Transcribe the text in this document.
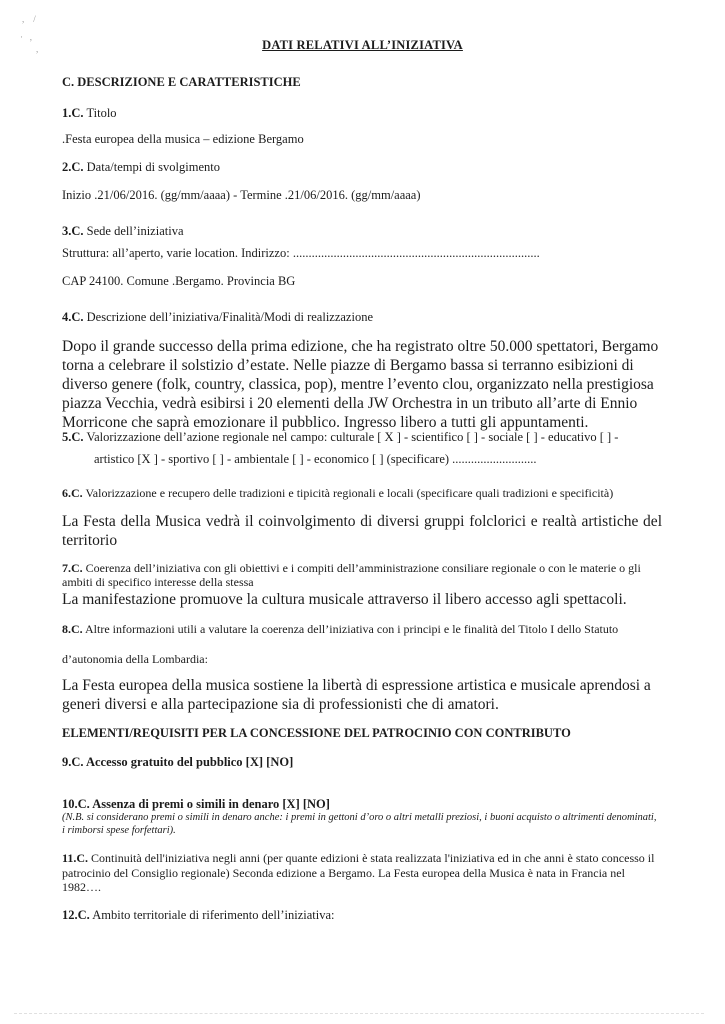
,    /
·   ,
,	DATI RELATIVI ALL’INIZIATIVA
C. DESCRIZIONE E CARATTERISTICHE
1.C. Titolo
.Festa europea della musica – edizione Bergamo
2.C. Data/tempi di svolgimento
Inizio .21/06/2016. (gg/mm/aaaa) - Termine .21/06/2016. (gg/mm/aaaa)
3.C. Sede dell’iniziativa
Struttura: all’aperto, varie location. Indirizzo: ...............................................................................
CAP 24100. Comune .Bergamo. Provincia BG
4.C. Descrizione dell’iniziativa/Finalità/Modi di realizzazione
Dopo il grande successo della prima edizione, che ha registrato oltre 50.000 spettatori, Bergamo torna a celebrare il solstizio d’estate. Nelle piazze di Bergamo bassa si terranno esibizioni di diverso genere (folk, country, classica, pop), mentre l’evento clou, organizzato nella prestigiosa piazza Vecchia, vedrà esibirsi i 20 elementi della JW Orchestra in un tributo all’arte di Ennio Morricone che saprà emozionare il pubblico. Ingresso libero a tutti gli appuntamenti.
5.C. Valorizzazione dell’azione regionale nel campo: culturale [ X ] - scientifico [ ] - sociale [ ] - educativo [ ] -
artistico [X ] - sportivo [ ] - ambientale [ ] - economico [ ] (specificare) ...........................
6.C. Valorizzazione e recupero delle tradizioni e tipicità regionali e locali (specificare quali tradizioni e specificità)
La Festa della Musica vedrà il coinvolgimento di diversi gruppi folclorici e realtà artistiche del territorio
7.C. Coerenza dell’iniziativa con gli obiettivi e i compiti dell’amministrazione consiliare regionale o con le materie o gli ambiti di specifico interesse della stessa
La manifestazione promuove la cultura musicale attraverso il libero accesso agli spettacoli.
8.C. Altre informazioni utili a valutare la coerenza dell’iniziativa con i principi e le finalità del Titolo I dello Statuto
d’autonomia della Lombardia:
La Festa europea della musica sostiene la libertà di espressione artistica e musicale aprendosi a generi diversi e alla partecipazione sia di professionisti che di amatori.
ELEMENTI/REQUISITI PER LA CONCESSIONE DEL PATROCINIO CON CONTRIBUTO
9.C. Accesso gratuito del pubblico [X] [NO]
10.C. Assenza di premi o simili in denaro [X] [NO]
(N.B. si considerano premi o simili in denaro anche: i premi in gettoni d’oro o altri metalli preziosi, i buoni acquisto o altrimenti denominati, i rimborsi spese forfettari).
11.C. Continuità dell'iniziativa negli anni (per quante edizioni è stata realizzata l'iniziativa ed in che anni è stato concesso il patrocinio del Consiglio regionale) Seconda edizione a Bergamo. La Festa europea della Musica è nata in Francia nel 1982….
12.C. Ambito territoriale di riferimento dell’iniziativa:
